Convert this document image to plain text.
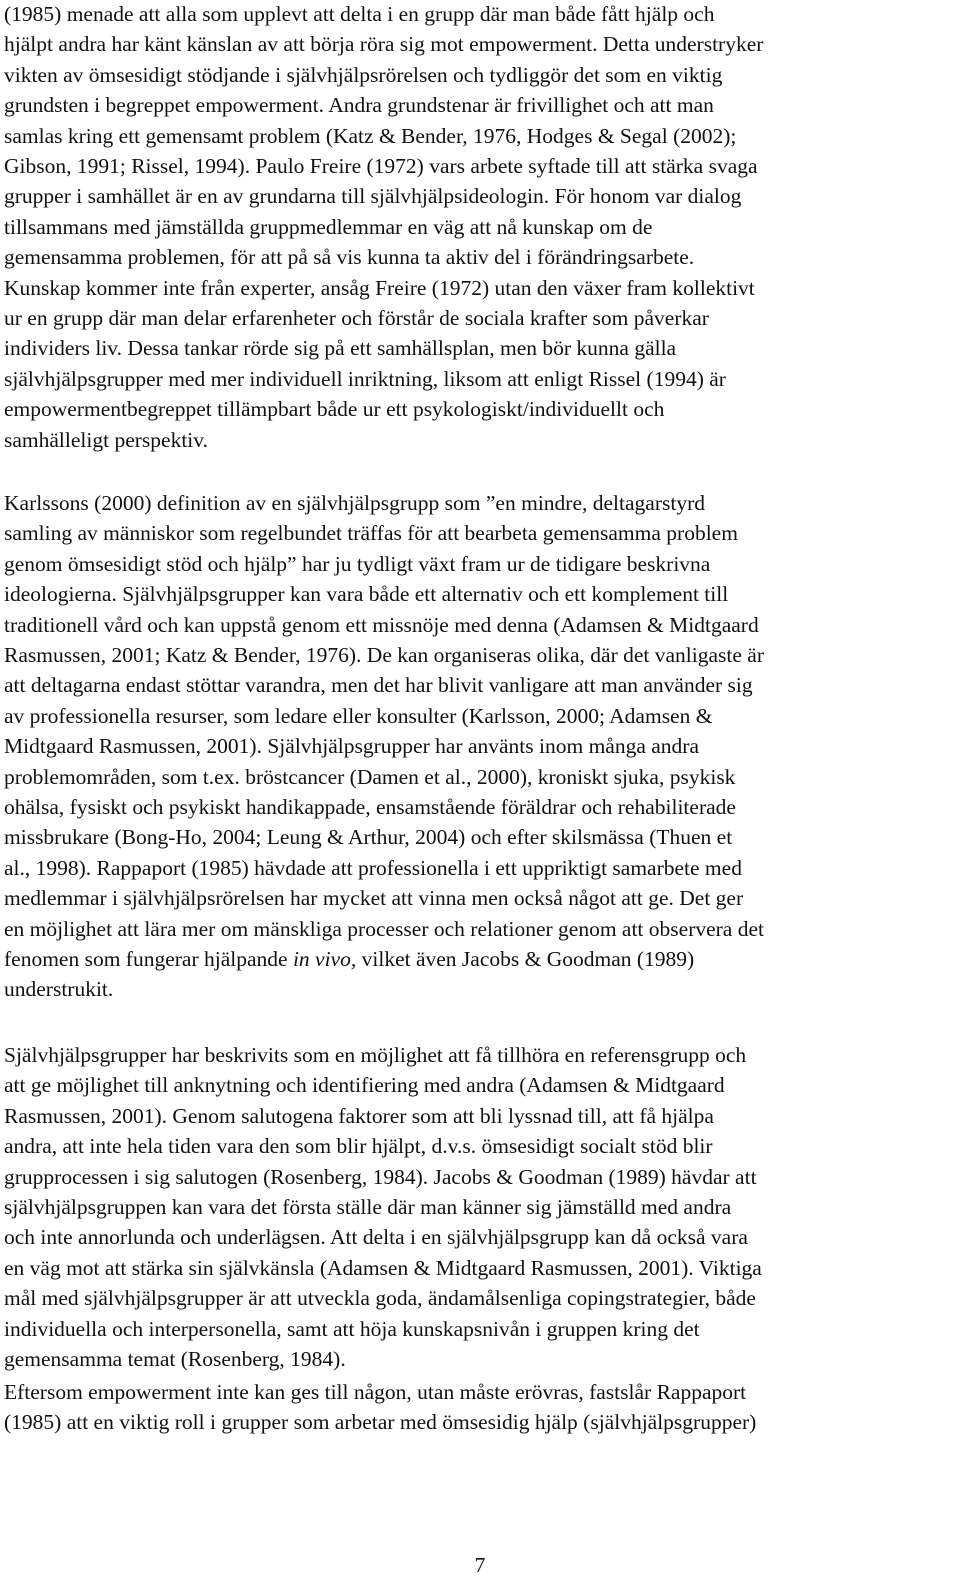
(1985) menade att alla som upplevt att delta i en grupp där man både fått hjälp och
hjälpt andra har känt känslan av att börja röra sig mot empowerment. Detta understryker
vikten av ömsesidigt stödjande i självhjälpsrörelsen och tydliggör det som en viktig
grundsten i begreppet empowerment. Andra grundstenar är frivillighet och att man
samlas kring ett gemensamt problem (Katz & Bender, 1976, Hodges & Segal (2002);
Gibson, 1991; Rissel, 1994). Paulo Freire (1972) vars arbete syftade till att stärka svaga
grupper i samhället är en av grundarna till självhjälpsideologin. För honom var dialog
tillsammans med jämställda gruppmedlemmar en väg att nå kunskap om de
gemensamma problemen, för att på så vis kunna ta aktiv del i förändringsarbete.
Kunskap kommer inte från experter, ansåg Freire (1972) utan den växer fram kollektivt
ur en grupp där man delar erfarenheter och förstår de sociala krafter som påverkar
individers liv. Dessa tankar rörde sig på ett samhällsplan, men bör kunna gälla
självhjälpsgrupper med mer individuell inriktning, liksom att enligt Rissel (1994) är
empowermentbegreppet tillämpbart både ur ett psykologiskt/individuellt och
samhälleligt perspektiv.
Karlssons (2000) definition av en självhjälpsgrupp som ”en mindre, deltagarstyrd
samling av människor som regelbundet träffas för att bearbeta gemensamma problem
genom ömsesidigt stöd och hjälp” har ju tydligt växt fram ur de tidigare beskrivna
ideologierna. Självhjälpsgrupper kan vara både ett alternativ och ett komplement till
traditionell vård och kan uppstå genom ett missnöje med denna (Adamsen & Midtgaard
Rasmussen, 2001; Katz & Bender, 1976). De kan organiseras olika, där det vanligaste är
att deltagarna endast stöttar varandra, men det har blivit vanligare att man använder sig
av professionella resurser, som ledare eller konsulter (Karlsson, 2000; Adamsen &
Midtgaard Rasmussen, 2001). Självhjälpsgrupper har använts inom många andra
problemområden, som t.ex. bröstcancer (Damen et al., 2000), kroniskt sjuka, psykisk
ohälsa, fysiskt och psykiskt handikappade, ensamstående föräldrar och rehabiliterade
missbrukare (Bong-Ho, 2004; Leung & Arthur, 2004) och efter skilsmässa (Thuen et
al., 1998). Rappaport (1985) hävdade att professionella i ett uppriktigt samarbete med
medlemmar i självhjälpsrörelsen har mycket att vinna men också något att ge. Det ger
en möjlighet att lära mer om mänskliga processer och relationer genom att observera det
fenomen som fungerar hjälpande in vivo, vilket även Jacobs & Goodman (1989)
understrukit.
Självhjälpsgrupper har beskrivits som en möjlighet att få tillhöra en referensgrupp och
att ge möjlighet till anknytning och identifiering med andra (Adamsen & Midtgaard
Rasmussen, 2001). Genom salutogena faktorer som att bli lyssnad till, att få hjälpa
andra, att inte hela tiden vara den som blir hjälpt, d.v.s. ömsesidigt socialt stöd blir
grupprocessen i sig salutogen (Rosenberg, 1984). Jacobs & Goodman (1989) hävdar att
självhjälpsgruppen kan vara det första ställe där man känner sig jämställd med andra
och inte annorlunda och underlägsen. Att delta i en självhjälpsgrupp kan då också vara
en väg mot att stärka sin självkänsla (Adamsen & Midtgaard Rasmussen, 2001). Viktiga
mål med självhjälpsgrupper är att utveckla goda, ändamålsenliga copingstrategier, både
individuella och interpersonella, samt att höja kunskapsnivån i gruppen kring det
gemensamma temat (Rosenberg, 1984).
Eftersom empowerment inte kan ges till någon, utan måste erövras, fastslår Rappaport
(1985) att en viktig roll i grupper som arbetar med ömsesidig hjälp (självhjälpsgrupper)
7
